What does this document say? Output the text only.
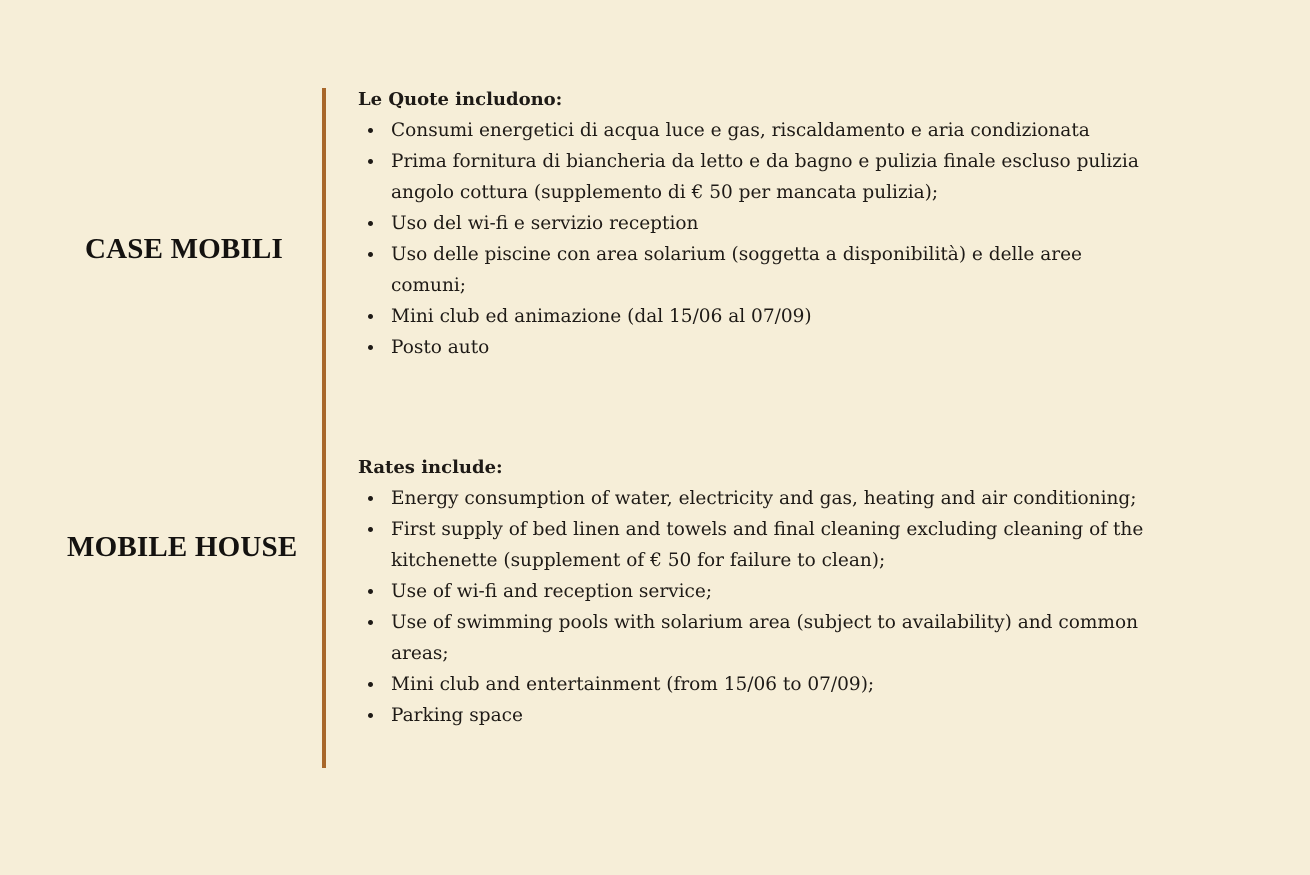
CASE MOBILI
MOBILE HOUSE

Le Quote includono:

Consumi energetici di acqua luce e gas, riscaldamento e aria condizionata
Prima fornitura di biancheria da letto e da bagno e pulizia finale escluso pulizia angolo cottura (supplemento di € 50 per mancata pulizia);
Uso del wi-fi e servizio reception
Uso delle piscine con area solarium (soggetta a disponibilità) e delle aree comuni;
Mini club ed animazione (dal 15/06 al 07/09)
Posto auto

Rates include:

Energy consumption of water, electricity and gas, heating and air conditioning;
First supply of bed linen and towels and final cleaning excluding cleaning of the kitchenette (supplement of € 50 for failure to clean);
Use of wi-fi and reception service;
Use of swimming pools with solarium area (subject to availability) and common areas;
Mini club and entertainment (from 15/06 to 07/09);
Parking space
